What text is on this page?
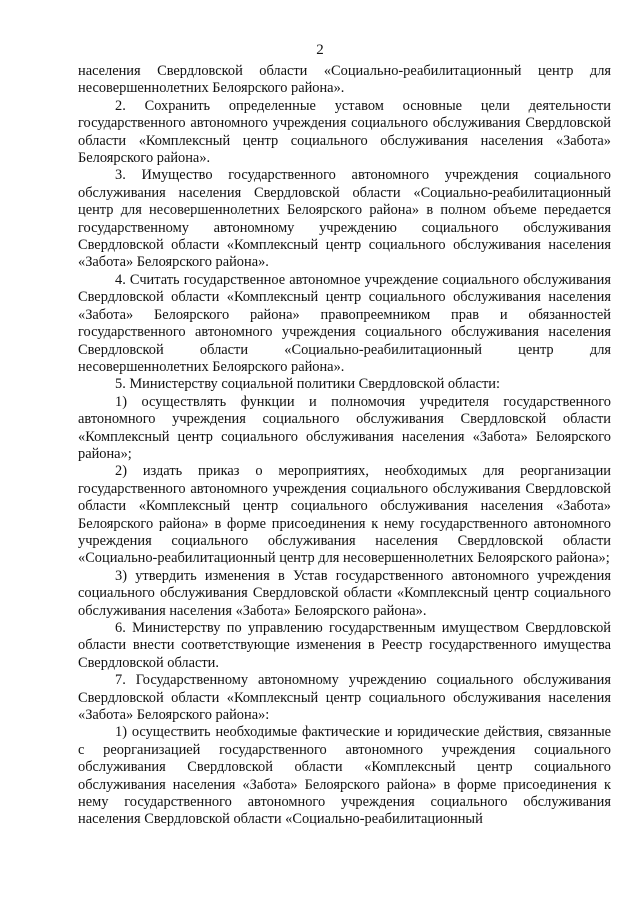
2

населения Свердловской области «Социально-реабилитационный центр для несовершеннолетних Белоярского района».

2. Сохранить определенные уставом основные цели деятельности государственного автономного учреждения социального обслуживания Свердловской области «Комплексный центр социального обслуживания населения «Забота» Белоярского района».

3. Имущество государственного автономного учреждения социального обслуживания населения Свердловской области «Социально-реабилитационный центр для несовершеннолетних Белоярского района» в полном объеме передается государственному автономному учреждению социального обслуживания Свердловской области «Комплексный центр социального обслуживания населения «Забота» Белоярского района».

4. Считать государственное автономное учреждение социального обслуживания Свердловской области «Комплексный центр социального обслуживания населения «Забота» Белоярского района» правопреемником прав и обязанностей государственного автономного учреждения социального обслуживания населения Свердловской области «Социально-реабилитационный центр для несовершеннолетних Белоярского района».

5. Министерству социальной политики Свердловской области:

1) осуществлять функции и полномочия учредителя государственного автономного учреждения социального обслуживания Свердловской области «Комплексный центр социального обслуживания населения «Забота» Белоярского района»;

2) издать приказ о мероприятиях, необходимых для реорганизации государственного автономного учреждения социального обслуживания Свердловской области «Комплексный центр социального обслуживания населения «Забота» Белоярского района» в форме присоединения к нему государственного автономного учреждения социального обслуживания населения Свердловской области «Социально-реабилитационный центр для несовершеннолетних Белоярского района»;

3) утвердить изменения в Устав государственного автономного учреждения социального обслуживания Свердловской области «Комплексный центр социального обслуживания населения «Забота» Белоярского района».

6. Министерству по управлению государственным имуществом Свердловской области внести соответствующие изменения в Реестр государственного имущества Свердловской области.

7. Государственному автономному учреждению социального обслуживания Свердловской области «Комплексный центр социального обслуживания населения «Забота» Белоярского района»:

1) осуществить необходимые фактические и юридические действия, связанные с реорганизацией государственного автономного учреждения социального обслуживания Свердловской области «Комплексный центр социального обслуживания населения «Забота» Белоярского района» в форме присоединения к нему государственного автономного учреждения социального обслуживания населения Свердловской области «Социально-реабилитационный
